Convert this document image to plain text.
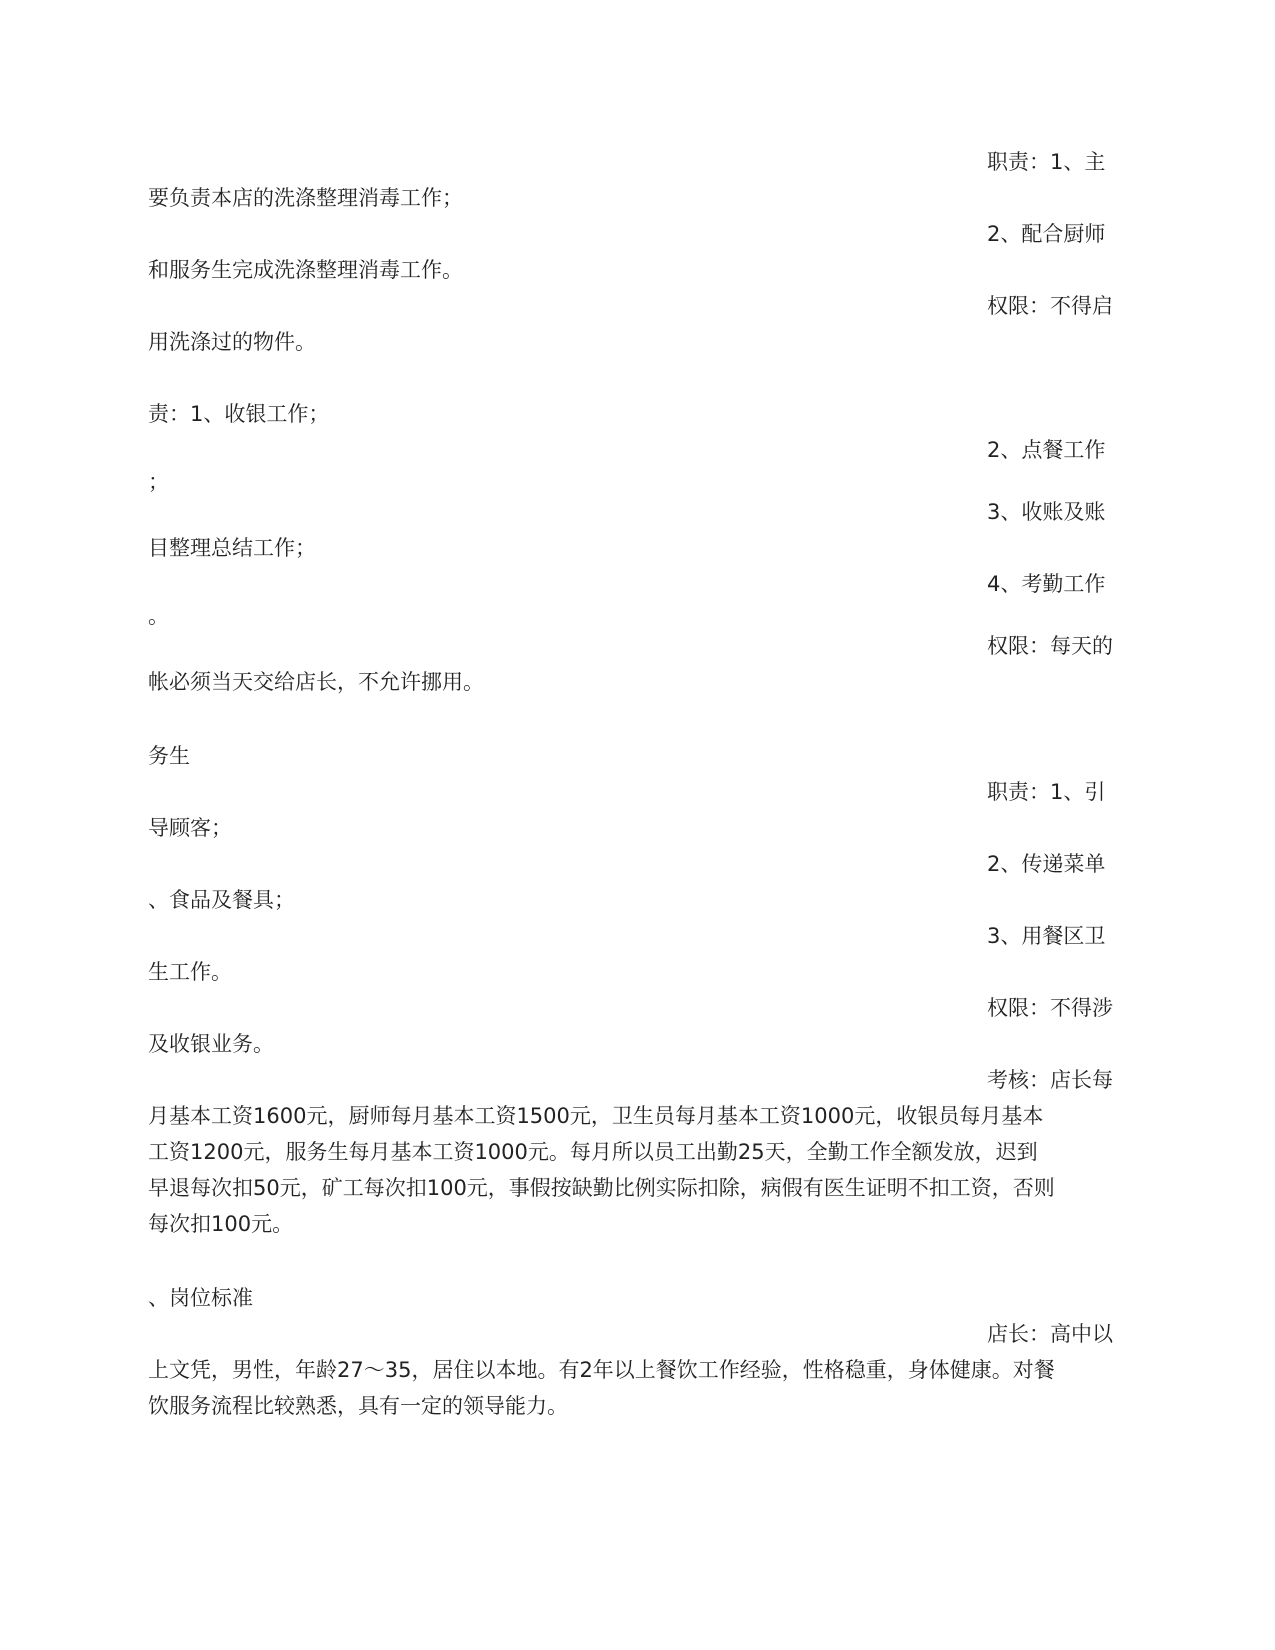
职责：1、主

要负责本店的洗涤整理消毒工作；

2、配合厨师

和服务生完成洗涤整理消毒工作。

权限：不得启

用洗涤过的物件。

责：1、收银工作；

2、点餐工作

；

3、收账及账

目整理总结工作；

4、考勤工作

。

权限：每天的

帐必须当天交给店长，不允许挪用。

务生

职责：1、引

导顾客；

2、传递菜单

、食品及餐具；

3、用餐区卫

生工作。

权限：不得涉

及收银业务。

考核：店长每

月基本工资1600元，厨师每月基本工资1500元，卫生员每月基本工资1000元，收银员每月基本

工资1200元，服务生每月基本工资1000元。每月所以员工出勤25天，全勤工作全额发放，迟到

早退每次扣50元，矿工每次扣100元，事假按缺勤比例实际扣除，病假有医生证明不扣工资，否则

每次扣100元。

、岗位标准

店长：高中以

上文凭，男性，年龄27～35，居住以本地。有2年以上餐饮工作经验，性格稳重，身体健康。对餐

饮服务流程比较熟悉，具有一定的领导能力。
